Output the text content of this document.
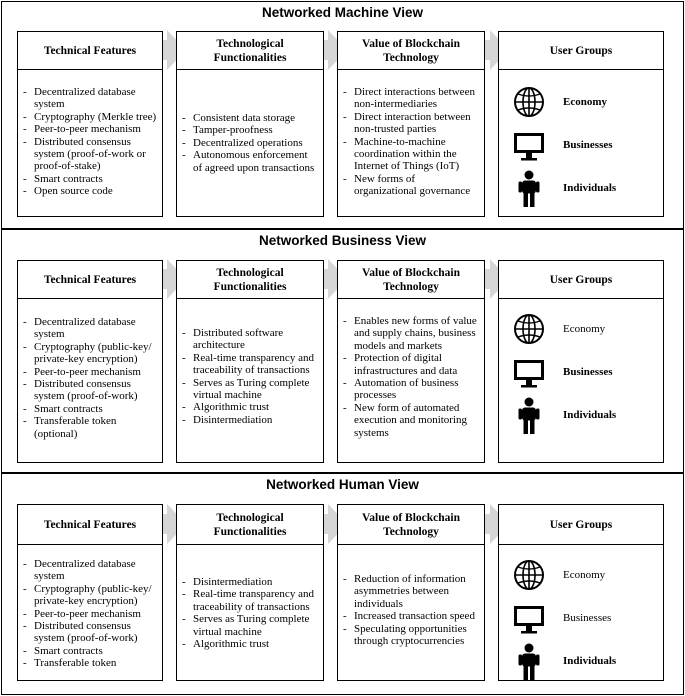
Networked Machine View
Technical Features
- Decentralized database system
- Cryptography (Merkle tree)
- Peer-to-peer mechanism
- Distributed consensus system (proof-of-work or proof-of-stake)
- Smart contracts
- Open source code
Technological Functionalities
- Consistent data storage
- Tamper-proofness
- Decentralized operations
- Autonomous enforcement of agreed upon transactions
Value of Blockchain Technology
- Direct interactions between non-intermediaries
- Direct interaction between non-trusted parties
- Machine-to-machine coordination within the Internet of Things (IoT)
- New forms of organizational governance
User Groups
Economy
Businesses
Individuals
Networked Business View
Technical Features
- Decentralized database system
- Cryptography (public-key/ private-key encryption)
- Peer-to-peer mechanism
- Distributed consensus system (proof-of-work)
- Smart contracts
- Transferable token (optional)
Technological Functionalities
- Distributed software architecture
- Real-time transparency and traceability of transactions
- Serves as Turing complete virtual machine
- Algorithmic trust
- Disintermediation
Value of Blockchain Technology
- Enables new forms of value and supply chains, business models and markets
- Protection of digital infrastructures and data
- Automation of business processes
- New form of automated execution and monitoring systems
User Groups
Economy
Businesses
Individuals
Networked Human View
Technical Features
- Decentralized database system
- Cryptography (public-key/ private-key encryption)
- Peer-to-peer mechanism
- Distributed consensus system (proof-of-work)
- Smart contracts
- Transferable token
Technological Functionalities
- Disintermediation
- Real-time transparency and traceability of transactions
- Serves as Turing complete virtual machine
- Algorithmic trust
Value of Blockchain Technology
- Reduction of information asymmetries between individuals
- Increased transaction speed
- Speculating opportunities through cryptocurrencies
User Groups
Economy
Businesses
Individuals
